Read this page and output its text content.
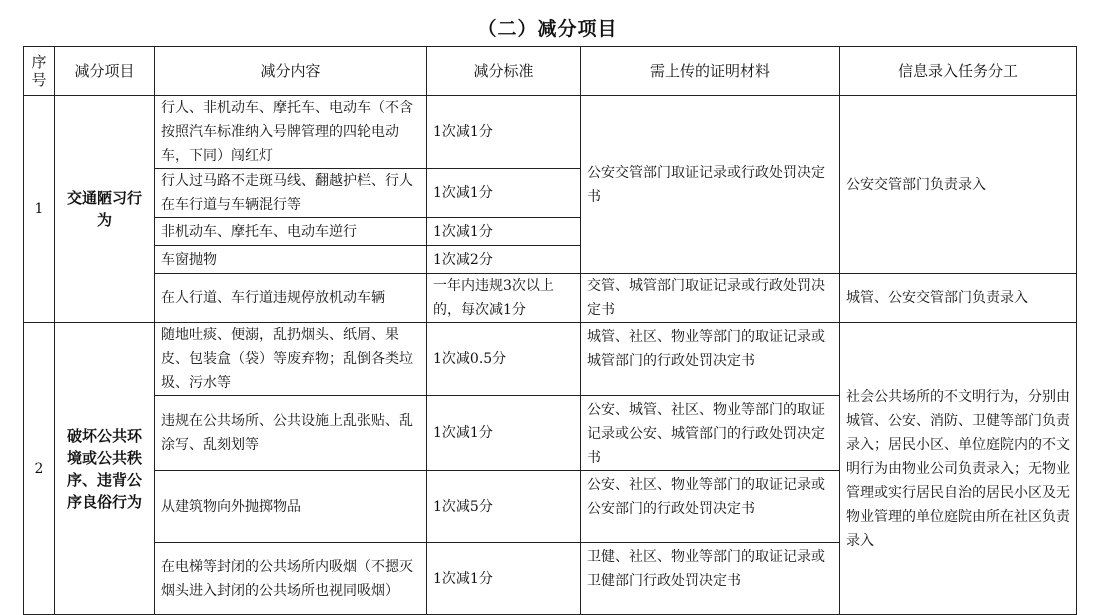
（二）减分项目
序号	减分项目	减分内容	减分标准	需上传的证明材料	信息录入任务分工
1	交通陋习行为	行人、非机动车、摩托车、电动车（不含按照汽车标准纳入号牌管理的四轮电动车，下同）闯红灯	1次减1分	公安交管部门取证记录或行政处罚决定书	公安交管部门负责录入
		行人过马路不走斑马线、翻越护栏、行人在车行道与车辆混行等	1次减1分		
		非机动车、摩托车、电动车逆行	1次减1分		
		车窗抛物	1次减2分		
		在人行道、车行道违规停放机动车辆	一年内违规3次以上的，每次减1分	交管、城管部门取证记录或行政处罚决定书	城管、公安交管部门负责录入
2	破坏公共环境或公共秩序、违背公序良俗行为	随地吐痰、便溺，乱扔烟头、纸屑、果皮、包装盒（袋）等废弃物；乱倒各类垃圾、污水等	1次减0.5分	城管、社区、物业等部门的取证记录或城管部门的行政处罚决定书	社会公共场所的不文明行为，分别由城管、公安、消防、卫健等部门负责录入；居民小区、单位庭院内的不文明行为由物业公司负责录入；无物业管理或实行居民自治的居民小区及无物业管理的单位庭院由所在社区负责录入
		违规在公共场所、公共设施上乱张贴、乱涂写、乱刻划等	1次减1分	公安、城管、社区、物业等部门的取证记录或公安、城管部门的行政处罚决定书	
		从建筑物向外抛掷物品	1次减5分	公安、社区、物业等部门的取证记录或公安部门的行政处罚决定书	
		在电梯等封闭的公共场所内吸烟（不摁灭烟头进入封闭的公共场所也视同吸烟）	1次减1分	卫健、社区、物业等部门的取证记录或卫健部门行政处罚决定书	
